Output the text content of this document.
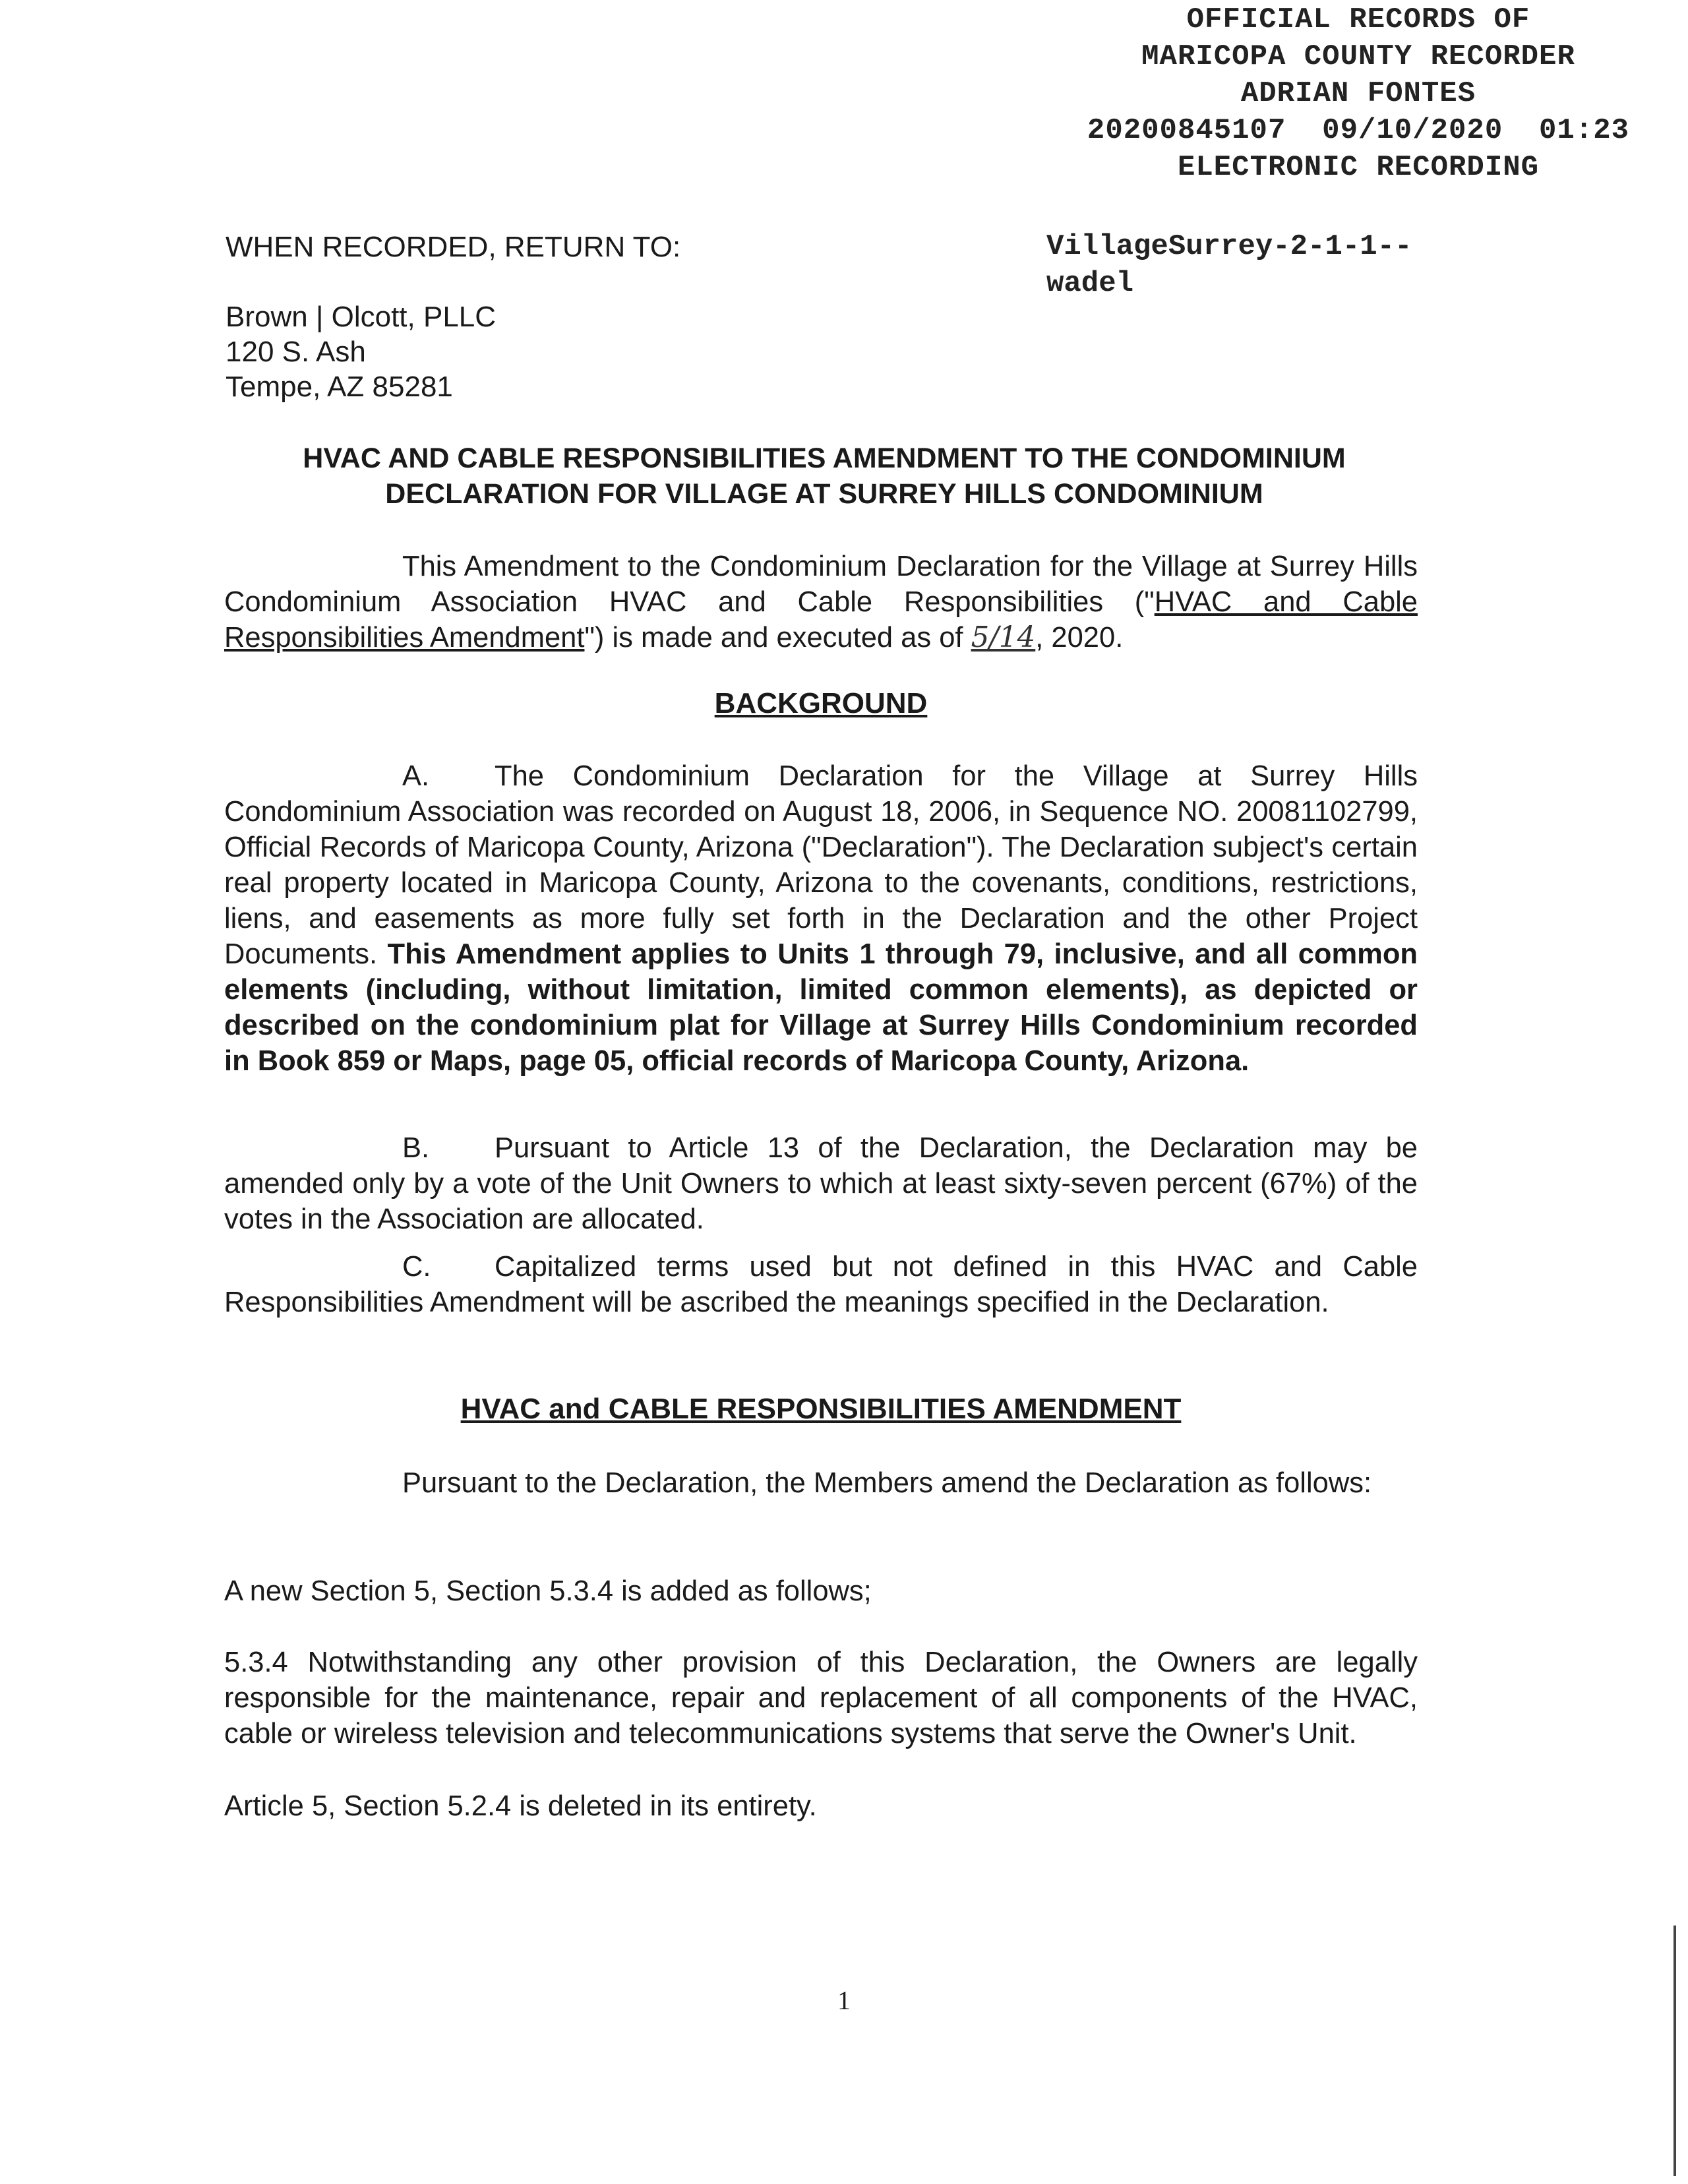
OFFICIAL RECORDS OF
MARICOPA COUNTY RECORDER
ADRIAN FONTES
20200845107  09/10/2020  01:23
ELECTRONIC RECORDING
WHEN RECORDED, RETURN TO:	VillageSurrey-2-1-1--
wadel
Brown | Olcott, PLLC
120 S. Ash
Tempe, AZ 85281
HVAC AND CABLE RESPONSIBILITIES AMENDMENT TO THE CONDOMINIUM
DECLARATION FOR VILLAGE AT SURREY HILLS CONDOMINIUM
This Amendment to the Condominium Declaration for the Village at Surrey Hills Condominium Association HVAC and Cable Responsibilities ("HVAC and Cable Responsibilities Amendment") is made and executed as of 5/14, 2020.
BACKGROUND
A. The Condominium Declaration for the Village at Surrey Hills Condominium Association was recorded on August 18, 2006, in Sequence NO. 20081102799, Official Records of Maricopa County, Arizona ("Declaration"). The Declaration subject's certain real property located in Maricopa County, Arizona to the covenants, conditions, restrictions, liens, and easements as more fully set forth in the Declaration and the other Project Documents. This Amendment applies to Units 1 through 79, inclusive, and all common elements (including, without limitation, limited common elements), as depicted or described on the condominium plat for Village at Surrey Hills Condominium recorded in Book 859 or Maps, page 05, official records of Maricopa County, Arizona.
B. Pursuant to Article 13 of the Declaration, the Declaration may be amended only by a vote of the Unit Owners to which at least sixty-seven percent (67%) of the votes in the Association are allocated.
C. Capitalized terms used but not defined in this HVAC and Cable Responsibilities Amendment will be ascribed the meanings specified in the Declaration.
HVAC and CABLE RESPONSIBILITIES AMENDMENT
Pursuant to the Declaration, the Members amend the Declaration as follows:
A new Section 5, Section 5.3.4 is added as follows;
5.3.4 Notwithstanding any other provision of this Declaration, the Owners are legally responsible for the maintenance, repair and replacement of all components of the HVAC, cable or wireless television and telecommunications systems that serve the Owner's Unit.
Article 5, Section 5.2.4 is deleted in its entirety.
1
